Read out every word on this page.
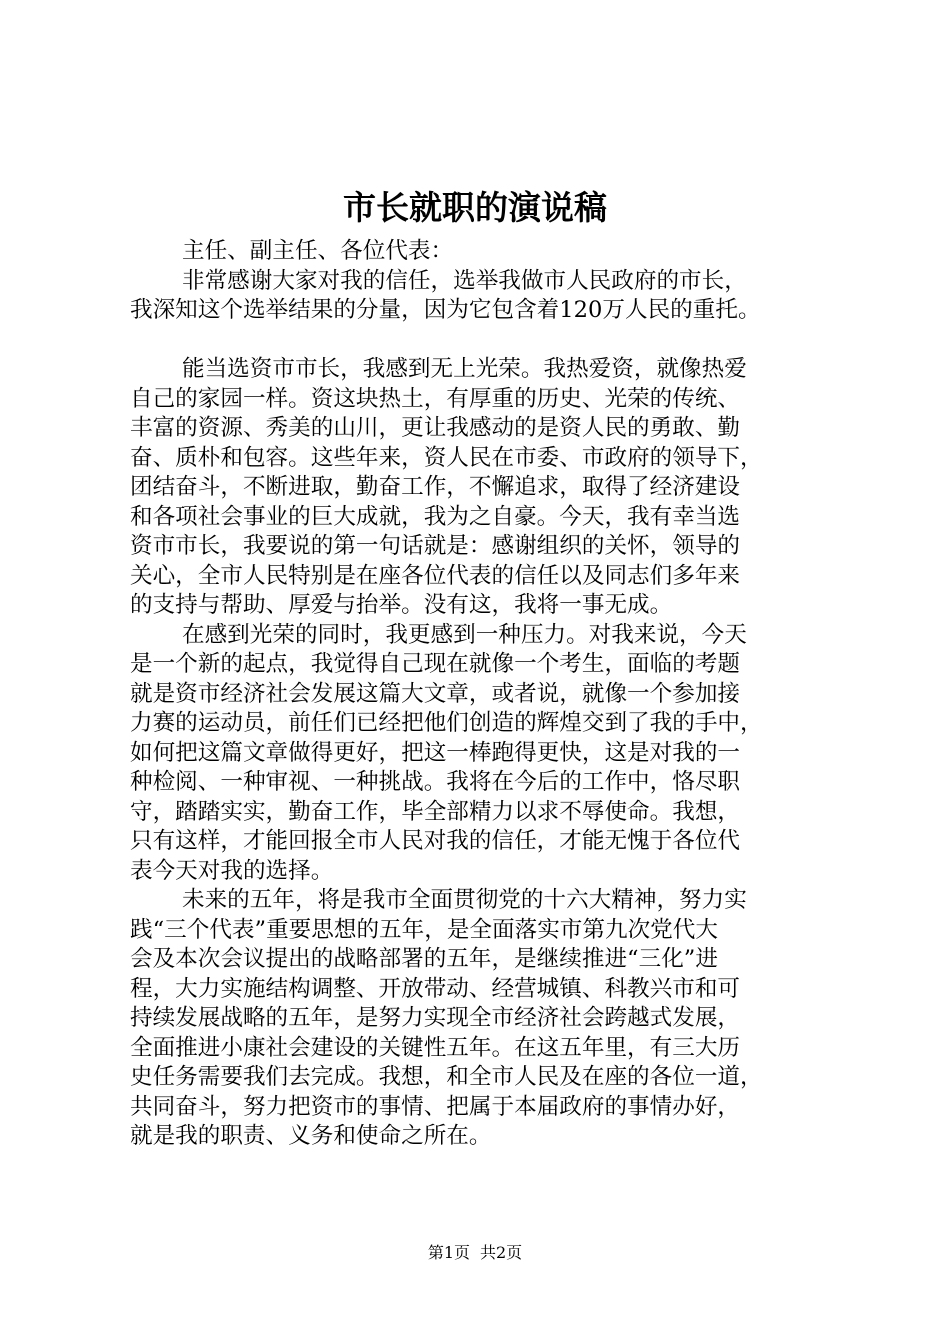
市长就职的演说稿
主任、副主任、各位代表：
非常感谢大家对我的信任，选举我做市人民政府的市长，
我深知这个选举结果的分量，因为它包含着120万人民的重托。
能当选资市市长，我感到无上光荣。我热爱资，就像热爱
自己的家园一样。资这块热土，有厚重的历史、光荣的传统、
丰富的资源、秀美的山川，更让我感动的是资人民的勇敢、勤
奋、质朴和包容。这些年来，资人民在市委、市政府的领导下，
团结奋斗，不断进取，勤奋工作，不懈追求，取得了经济建设
和各项社会事业的巨大成就，我为之自豪。今天，我有幸当选
资市市长，我要说的第一句话就是：感谢组织的关怀，领导的
关心，全市人民特别是在座各位代表的信任以及同志们多年来
的支持与帮助、厚爱与抬举。没有这，我将一事无成。
在感到光荣的同时，我更感到一种压力。对我来说，今天
是一个新的起点，我觉得自己现在就像一个考生，面临的考题
就是资市经济社会发展这篇大文章，或者说，就像一个参加接
力赛的运动员，前任们已经把他们创造的辉煌交到了我的手中，
如何把这篇文章做得更好，把这一棒跑得更快，这是对我的一
种检阅、一种审视、一种挑战。我将在今后的工作中，恪尽职
守，踏踏实实，勤奋工作，毕全部精力以求不辱使命。我想，
只有这样，才能回报全市人民对我的信任，才能无愧于各位代
表今天对我的选择。
未来的五年，将是我市全面贯彻党的十六大精神，努力实
践“三个代表”重要思想的五年，是全面落实市第九次党代大
会及本次会议提出的战略部署的五年，是继续推进“三化”进
程，大力实施结构调整、开放带动、经营城镇、科教兴市和可
持续发展战略的五年，是努力实现全市经济社会跨越式发展，
全面推进小康社会建设的关键性五年。在这五年里，有三大历
史任务需要我们去完成。我想，和全市人民及在座的各位一道，
共同奋斗，努力把资市的事情、把属于本届政府的事情办好，
就是我的职责、义务和使命之所在。
第1页 共2页
